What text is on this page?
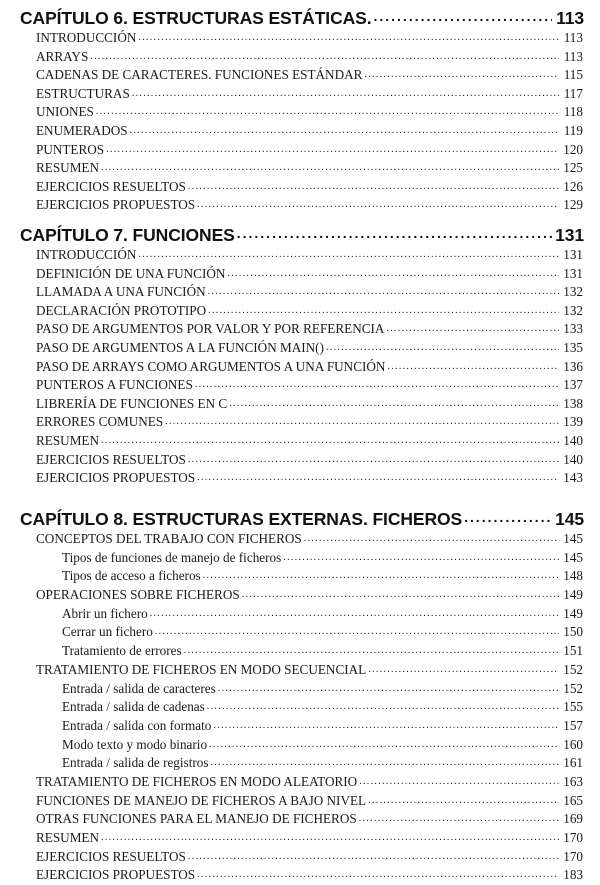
CAPÍTULO 6. ESTRUCTURAS ESTÁTICAS. .....	113
INTRODUCCIÓN .....	113
ARRAYS .....	113
CADENAS DE CARACTERES. FUNCIONES ESTÁNDAR .....	115
ESTRUCTURAS .....	117
UNIONES .....	118
ENUMERADOS .....	119
PUNTEROS .....	120
RESUMEN .....	125
EJERCICIOS RESUELTOS .....	126
EJERCICIOS PROPUESTOS .....	129
CAPÍTULO 7. FUNCIONES .....	131
INTRODUCCIÓN .....	131
DEFINICIÓN DE UNA FUNCIÓN .....	131
LLAMADA A UNA FUNCIÓN .....	132
DECLARACIÓN PROTOTIPO .....	132
PASO DE ARGUMENTOS POR VALOR Y POR REFERENCIA .....	133
PASO DE ARGUMENTOS A LA FUNCIÓN MAIN() .....	135
PASO DE ARRAYS COMO ARGUMENTOS A UNA FUNCIÓN .....	136
PUNTEROS A FUNCIONES .....	137
LIBRERÍA DE FUNCIONES EN C .....	138
ERRORES COMUNES .....	139
RESUMEN .....	140
EJERCICIOS RESUELTOS .....	140
EJERCICIOS PROPUESTOS .....	143
CAPÍTULO 8. ESTRUCTURAS EXTERNAS. FICHEROS .....	145
CONCEPTOS DEL TRABAJO CON FICHEROS .....	145
Tipos de funciones de manejo de ficheros .....	145
Tipos de acceso a ficheros .....	148
OPERACIONES SOBRE FICHEROS .....	149
Abrir un fichero .....	149
Cerrar un fichero .....	150
Tratamiento de errores .....	151
TRATAMIENTO DE FICHEROS EN MODO SECUENCIAL .....	152
Entrada / salida de caracteres .....	152
Entrada / salida de cadenas .....	155
Entrada / salida con formato .....	157
Modo texto y modo binario .....	160
Entrada / salida de registros .....	161
TRATAMIENTO DE FICHEROS EN MODO ALEATORIO .....	163
FUNCIONES DE MANEJO DE FICHEROS A BAJO NIVEL .....	165
OTRAS FUNCIONES PARA EL MANEJO DE FICHEROS .....	169
RESUMEN .....	170
EJERCICIOS RESUELTOS .....	170
EJERCICIOS PROPUESTOS .....	183
